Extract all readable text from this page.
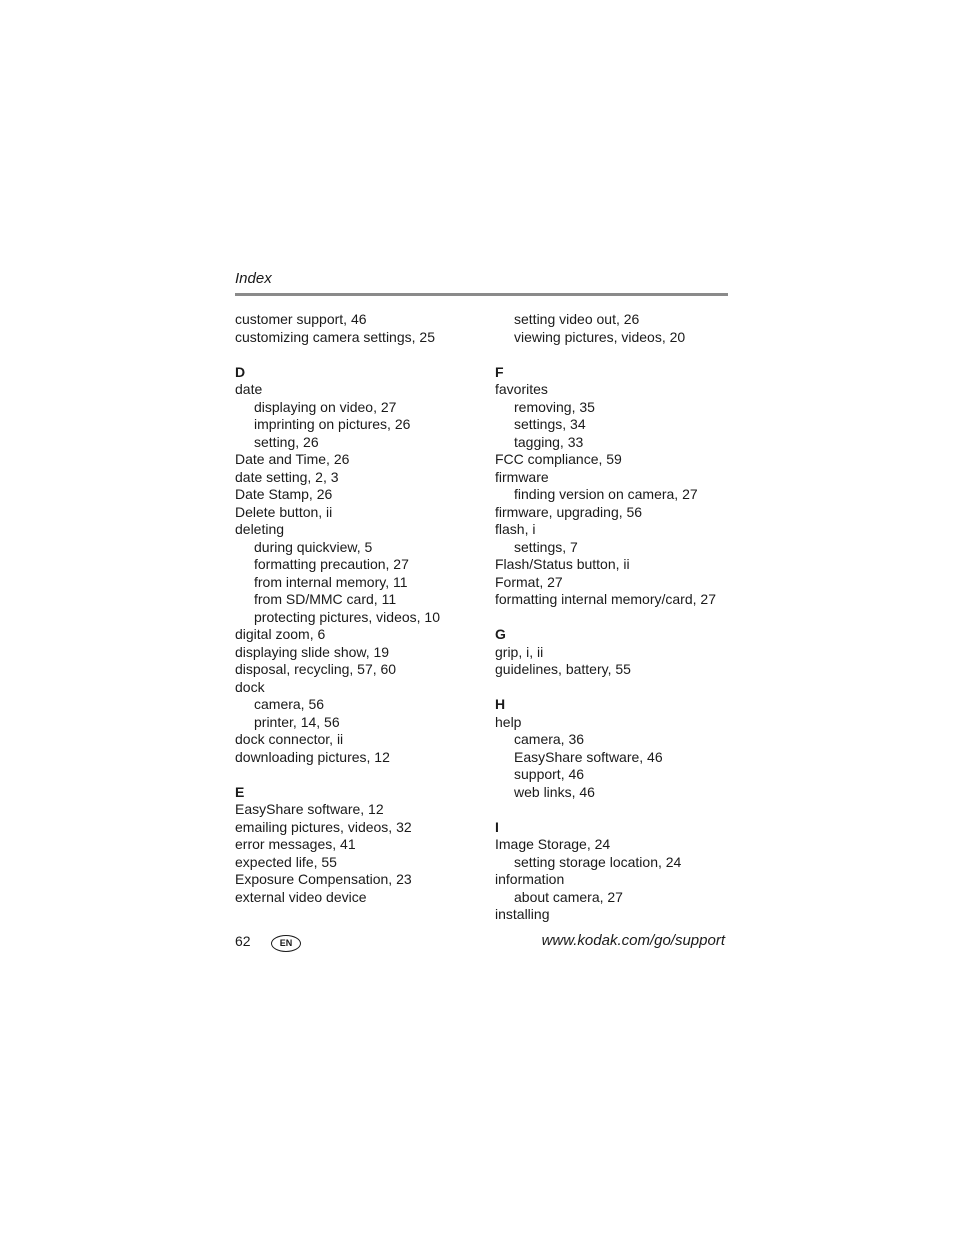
Index
customer support, 46
customizing camera settings, 25
D
date
displaying on video, 27
imprinting on pictures, 26
setting, 26
Date and Time, 26
date setting, 2, 3
Date Stamp, 26
Delete button, ii
deleting
during quickview, 5
formatting precaution, 27
from internal memory, 11
from SD/MMC card, 11
protecting pictures, videos, 10
digital zoom, 6
displaying slide show, 19
disposal, recycling, 57, 60
dock
camera, 56
printer, 14, 56
dock connector, ii
downloading pictures, 12
E
EasyShare software, 12
emailing pictures, videos, 32
error messages, 41
expected life, 55
Exposure Compensation, 23
external video device
setting video out, 26
viewing pictures, videos, 20
F
favorites
removing, 35
settings, 34
tagging, 33
FCC compliance, 59
firmware
finding version on camera, 27
firmware, upgrading, 56
flash, i
settings, 7
Flash/Status button, ii
Format, 27
formatting internal memory/card, 27
G
grip, i, ii
guidelines, battery, 55
H
help
camera, 36
EasyShare software, 46
support, 46
web links, 46
I
Image Storage, 24
setting storage location, 24
information
about camera, 27
installing
62	EN	www.kodak.com/go/support
